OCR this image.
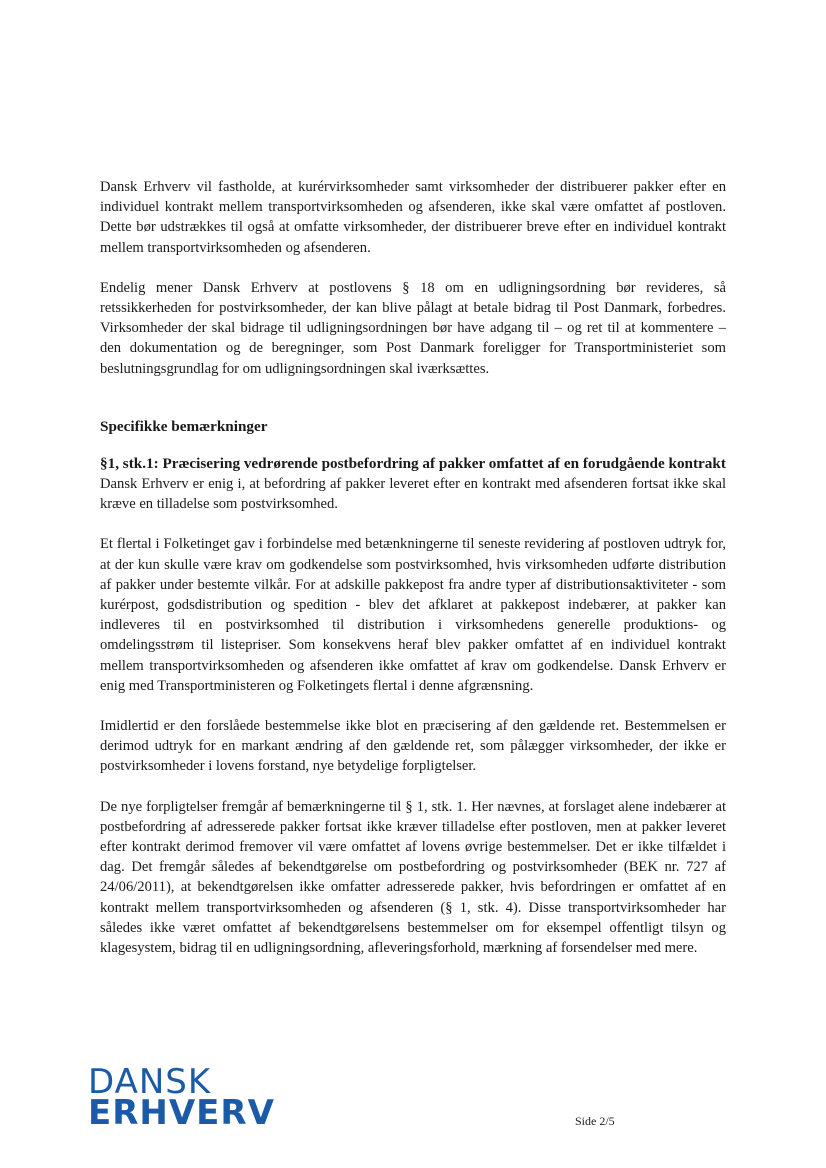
Dansk Erhverv vil fastholde, at kurérvirksomheder samt virksomheder der distribuerer pakker efter en individuel kontrakt mellem transportvirksomheden og afsenderen, ikke skal være omfattet af postloven. Dette bør udstrækkes til også at omfatte virksomheder, der distribuerer breve efter en individuel kontrakt mellem transportvirksomheden og afsenderen.

Endelig mener Dansk Erhverv at postlovens § 18 om en udligningsordning bør revideres, så retssikkerheden for postvirksomheder, der kan blive pålagt at betale bidrag til Post Danmark, forbedres. Virksomheder der skal bidrage til udligningsordningen bør have adgang til – og ret til at kommentere – den dokumentation og de beregninger, som Post Danmark foreligger for Transportministeriet som beslutningsgrundlag for om udligningsordningen skal iværksættes.

Specifikke bemærkninger
§1, stk.1: Præcisering vedrørende postbefordring af pakker omfattet af en forudgående kontrakt

Dansk Erhverv er enig i, at befordring af pakker leveret efter en kontrakt med afsenderen fortsat ikke skal kræve en tilladelse som postvirksomhed.

Et flertal i Folketinget gav i forbindelse med betænkningerne til seneste revidering af postloven udtryk for, at der kun skulle være krav om godkendelse som postvirksomhed, hvis virksomheden udførte distribution af pakker under bestemte vilkår. For at adskille pakkepost fra andre typer af distributionsaktiviteter - som kurérpost, godsdistribution og spedition - blev det afklaret at pakkepost indebærer, at pakker kan indleveres til en postvirksomhed til distribution i virksomhedens generelle produktions- og omdelingsstrøm til listepriser. Som konsekvens heraf blev pakker omfattet af en individuel kontrakt mellem transportvirksomheden og afsenderen ikke omfattet af krav om godkendelse. Dansk Erhverv er enig med Transportministeren og Folketingets flertal i denne afgrænsning.

Imidlertid er den forslåede bestemmelse ikke blot en præcisering af den gældende ret. Bestemmelsen er derimod udtryk for en markant ændring af den gældende ret, som pålægger virksomheder, der ikke er postvirksomheder i lovens forstand, nye betydelige forpligtelser.

De nye forpligtelser fremgår af bemærkningerne til § 1, stk. 1. Her nævnes, at forslaget alene indebærer at postbefordring af adresserede pakker fortsat ikke kræver tilladelse efter postloven, men at pakker leveret efter kontrakt derimod fremover vil være omfattet af lovens øvrige bestemmelser. Det er ikke tilfældet i dag. Det fremgår således af bekendtgørelse om postbefordring og postvirksomheder (BEK nr. 727 af 24/06/2011), at bekendtgørelsen ikke omfatter adresserede pakker, hvis befordringen er omfattet af en kontrakt mellem transportvirksomheden og afsenderen (§ 1, stk. 4). Disse transportvirksomheder har således ikke været omfattet af bekendtgørelsens bestemmelser om for eksempel offentligt tilsyn og klagesystem, bidrag til en udligningsordning, afleveringsforhold, mærkning af forsendelser med mere.

DANSK
ERHVERV	Side 2/5
